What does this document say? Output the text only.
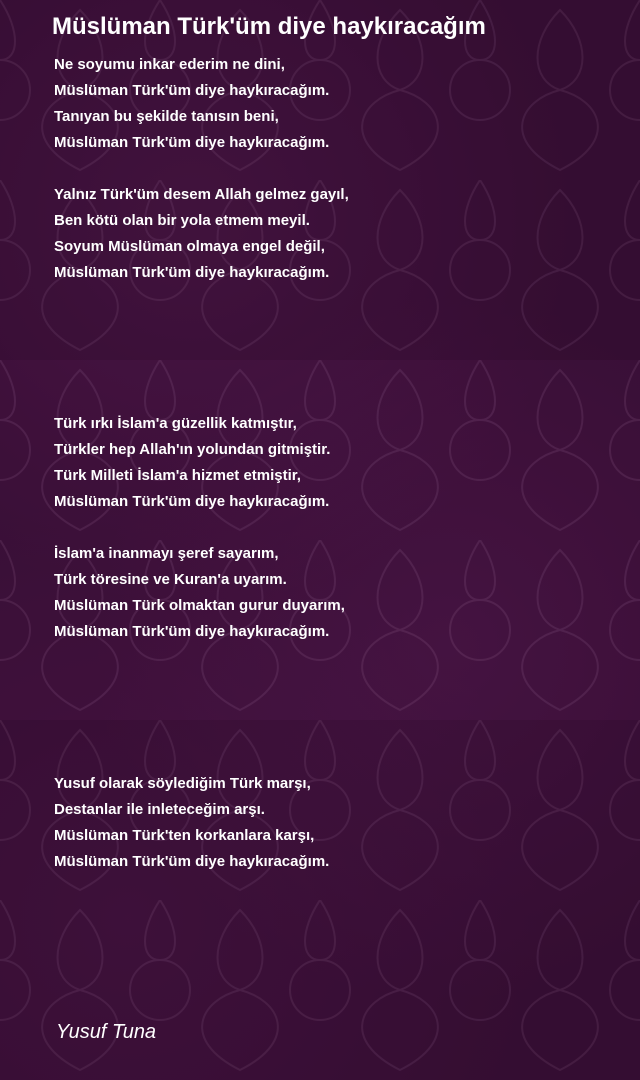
Müslüman Türk'üm diye haykıracağım
Ne soyumu inkar ederim ne dini,
Müslüman Türk'üm diye haykıracağım.
Tanıyan bu şekilde tanısın beni,
Müslüman Türk'üm diye haykıracağım.
Yalnız Türk'üm desem Allah gelmez gayıl,
Ben kötü olan bir yola etmem meyil.
Soyum Müslüman olmaya engel değil,
Müslüman Türk'üm diye haykıracağım.
Türk ırkı İslam'a güzellik katmıştır,
Türkler hep Allah'ın yolundan gitmiştir.
Türk Milleti İslam'a hizmet etmiştir,
Müslüman Türk'üm diye haykıracağım.
İslam'a inanmayı şeref sayarım,
Türk töresine ve Kuran'a uyarım.
Müslüman Türk olmaktan gurur duyarım,
Müslüman Türk'üm diye haykıracağım.
Yusuf olarak söylediğim Türk marşı,
Destanlar ile inleteceğim arşı.
Müslüman Türk'ten korkanlara karşı,
Müslüman Türk'üm diye haykıracağım.
Yusuf Tuna
